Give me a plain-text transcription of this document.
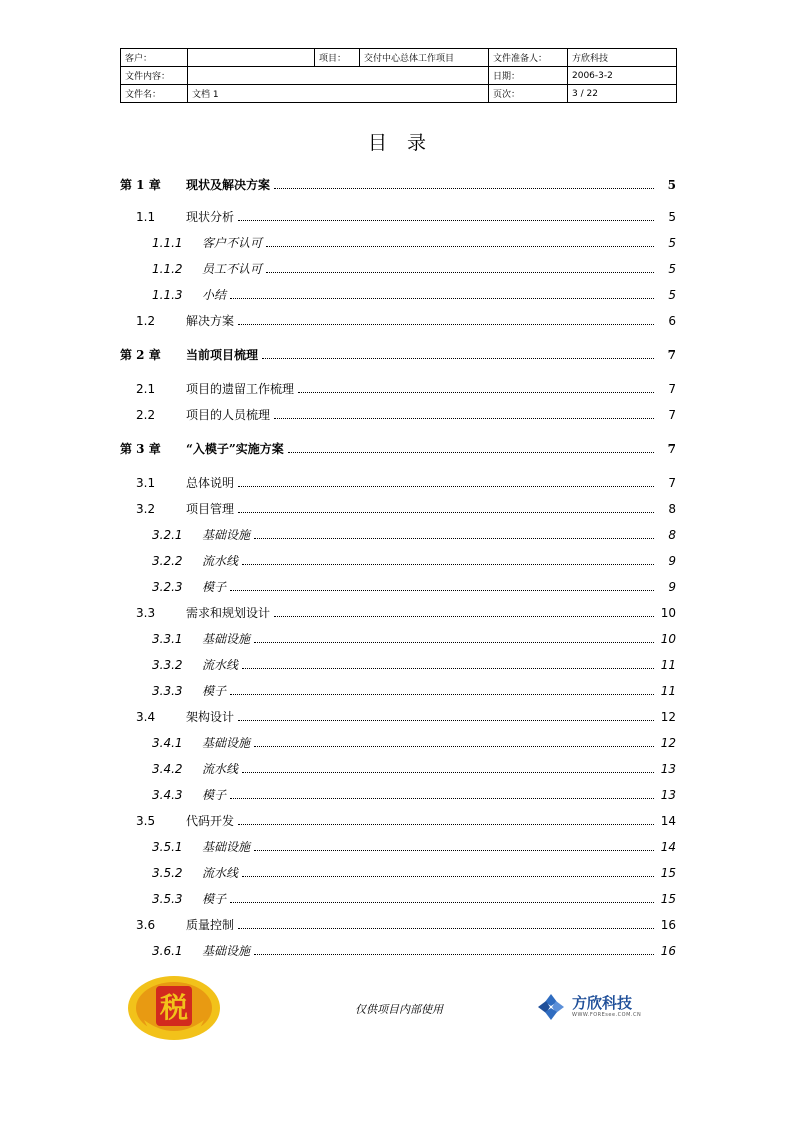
客户：		项目：	交付中心总体工作项目	文件准备人：	方欣科技
文件内容：				日期：	2006-3-2
文件名：	文档 1			页次：	3 / 22
目录
第 1 章	现状及解决方案	5
1.1	现状分析	5
1.1.1	客户不认可	5
1.1.2	员工不认可	5
1.1.3	小结	5
1.2	解决方案	6
第 2 章	当前项目梳理	7
2.1	项目的遗留工作梳理	7
2.2	项目的人员梳理	7
第 3 章	“入模子”实施方案	7
3.1	总体说明	7
3.2	项目管理	8
3.2.1	基础设施	8
3.2.2	流水线	9
3.2.3	模子	9
3.3	需求和规划设计	10
3.3.1	基础设施	10
3.3.2	流水线	11
3.3.3	模子	11
3.4	架构设计	12
3.4.1	基础设施	12
3.4.2	流水线	13
3.4.3	模子	13
3.5	代码开发	14
3.5.1	基础设施	14
3.5.2	流水线	15
3.5.3	模子	15
3.6	质量控制	16
3.6.1	基础设施	16
税	仅供项目内部使用	方欣科技
WWW.FOREsee.COM.CN
